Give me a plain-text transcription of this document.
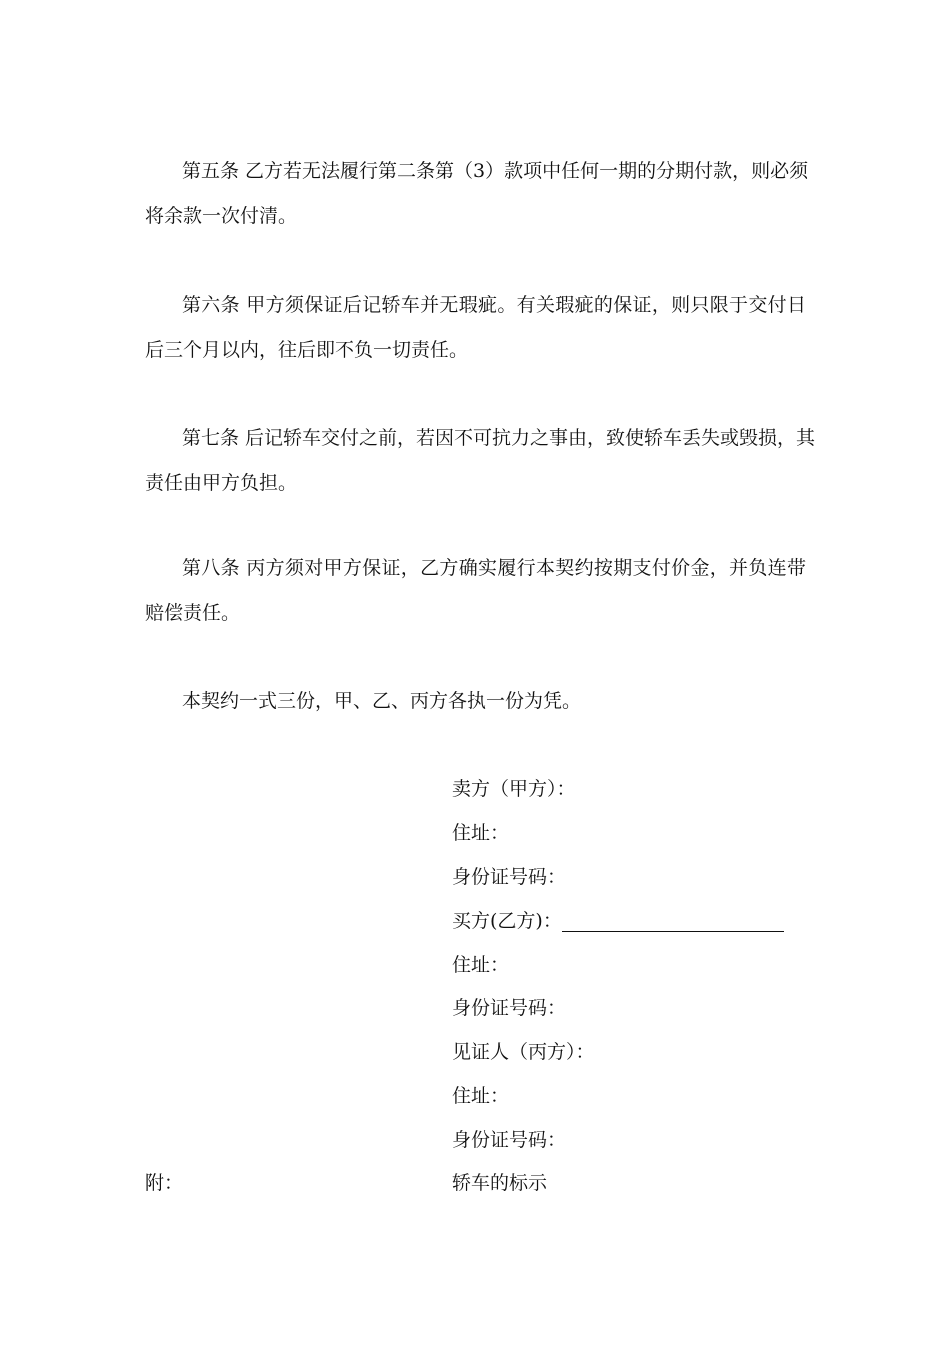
第五条 乙方若无法履行第二条第（3）款项中任何一期的分期付款，则必须
将余款一次付清。
第六条 甲方须保证后记轿车并无瑕疵。有关瑕疵的保证，则只限于交付日
后三个月以内，往后即不负一切责任。
第七条 后记轿车交付之前，若因不可抗力之事由，致使轿车丢失或毁损，其
责任由甲方负担。
第八条 丙方须对甲方保证，乙方确实履行本契约按期支付价金，并负连带
赔偿责任。
本契约一式三份，甲、乙、丙方各执一份为凭。
卖方（甲方）：
住址：
身份证号码：
买方(乙方)：
住址：
身份证号码：
见证人（丙方）：
住址：
身份证号码：
附：	轿车的标示
